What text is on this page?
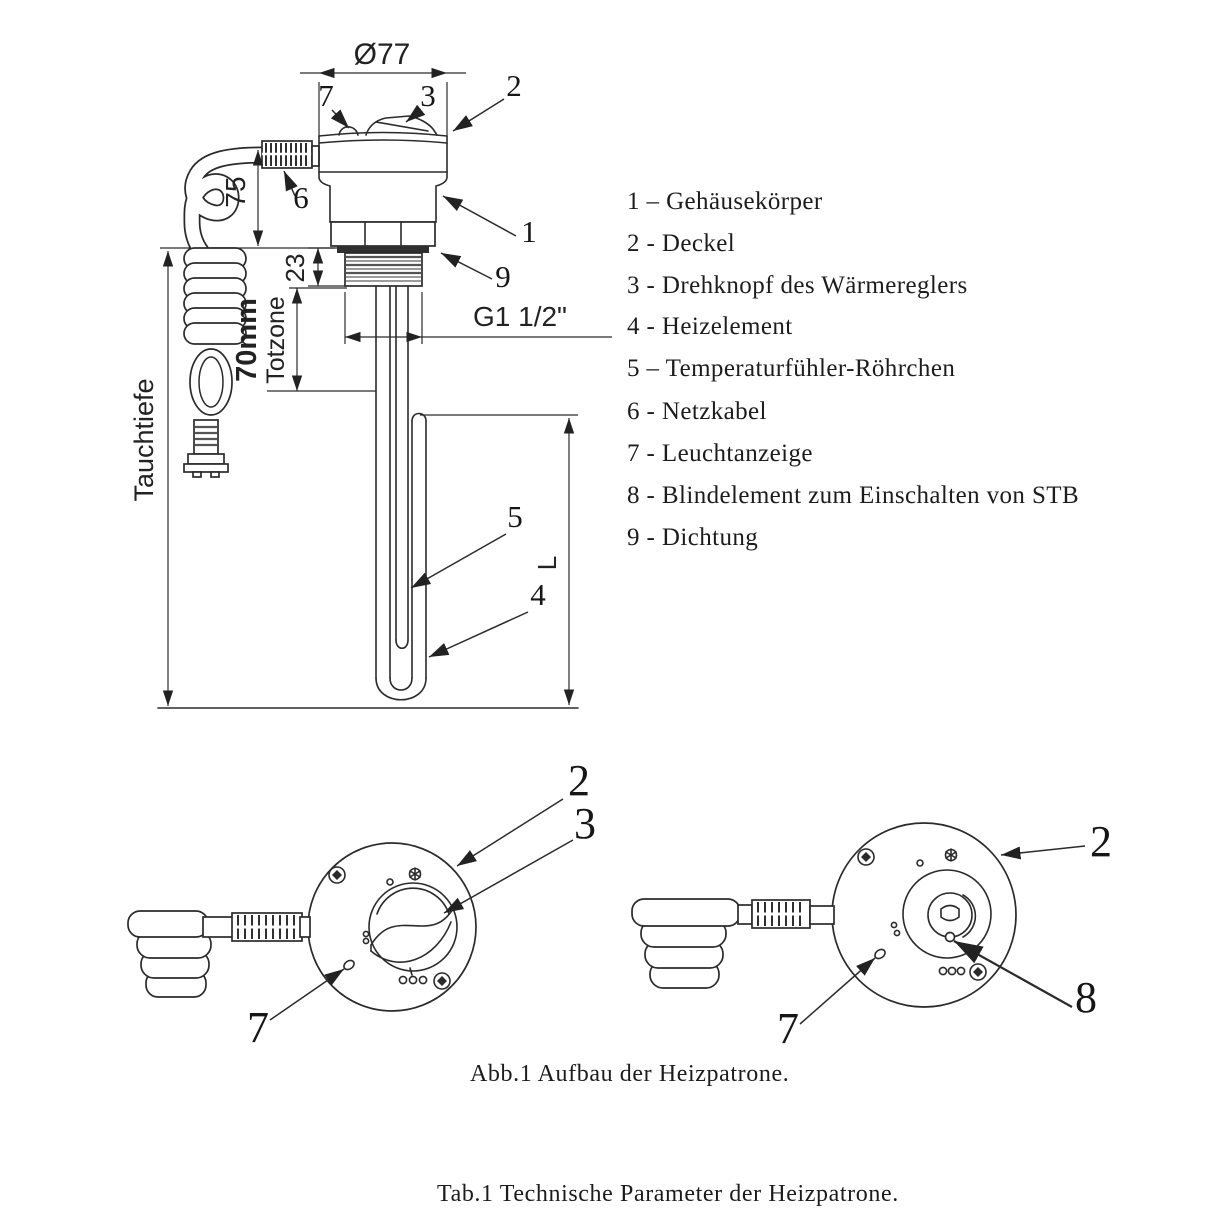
Ø77
75
23
G1 1/2"
70mm Totzone
Tauchtiefe
L
7	3 2
6
1
9
5
4
2
3
7
2
7
8
1 – Gehäusekörper
2 - Deckel
3 - Drehknopf des Wärmereglers
4 - Heizelement
5 – Temperaturfühler-Röhrchen
6 - Netzkabel
7 - Leuchtanzeige
8 - Blindelement zum Einschalten von STB
9 - Dichtung
Abb.1 Aufbau der Heizpatrone.
Tab.1 Technische Parameter der Heizpatrone.
